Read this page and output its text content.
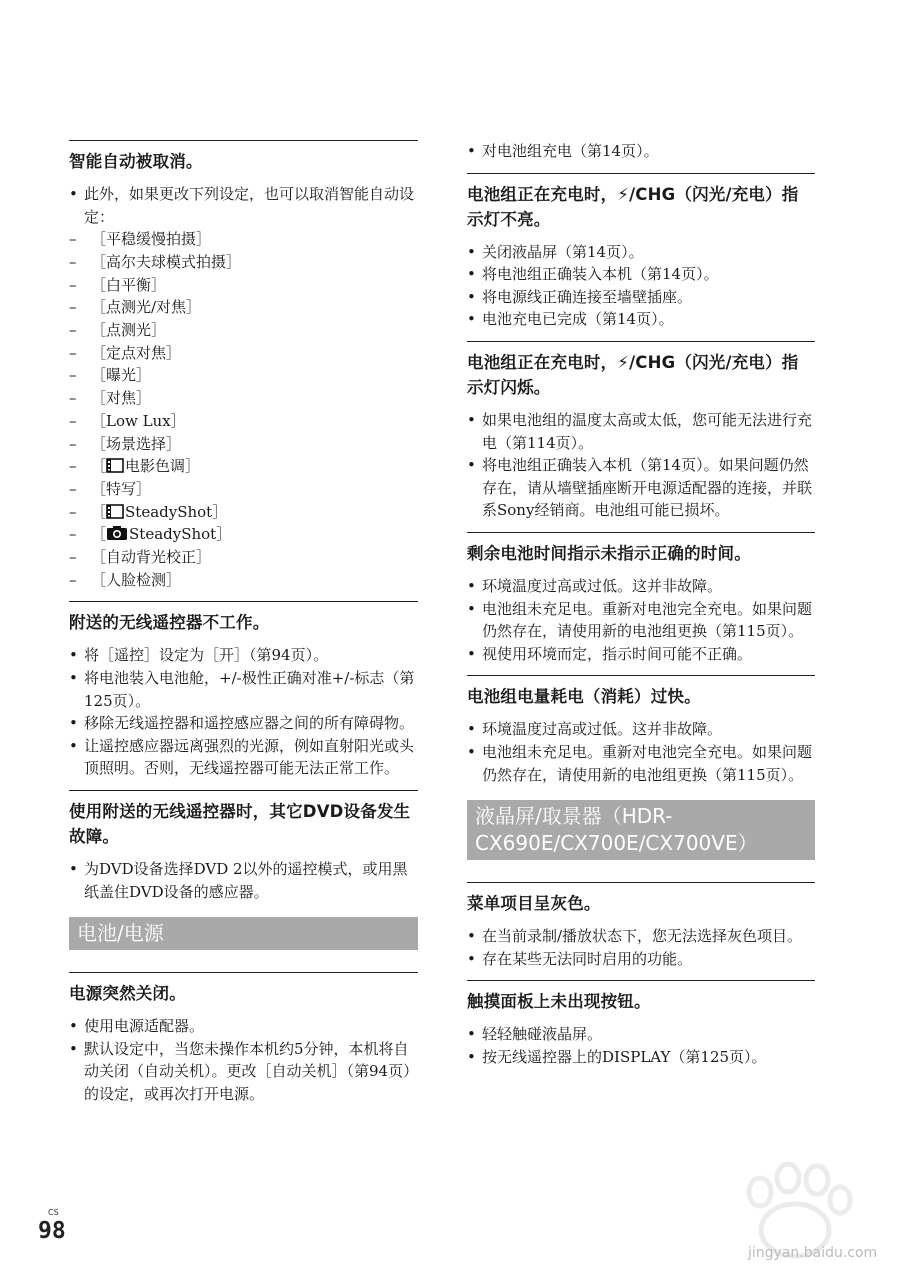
智能自动被取消。
• 此外，如果更改下列设定，也可以取消智能自动设定：
– ［平稳缓慢拍摄］
– ［高尔夫球模式拍摄］
– ［白平衡］
– ［点测光/对焦］
– ［点测光］
– ［定点对焦］
– ［曝光］
– ［对焦］
– ［Low Lux］
– ［场景选择］
– ［ 电影色调］
– ［特写］
– ［ SteadyShot］
– ［ SteadyShot］
– ［自动背光校正］
– ［人脸检测］
附送的无线遥控器不工作。
• 将［遥控］设定为［开］（第94页）。
• 将电池装入电池舱，+/-极性正确对准+/-标志（第125页）。
• 移除无线遥控器和遥控感应器之间的所有障碍物。
• 让遥控感应器远离强烈的光源，例如直射阳光或头顶照明。否则，无线遥控器可能无法正常工作。
使用附送的无线遥控器时，其它DVD设备发生故障。
• 为DVD设备选择DVD 2以外的遥控模式，或用黑纸盖住DVD设备的感应器。
电池/电源
电源突然关闭。
• 使用电源适配器。
• 默认设定中，当您未操作本机约5分钟，本机将自动关闭（自动关机）。更改［自动关机］（第94页）的设定，或再次打开电源。
• 对电池组充电（第14页）。
电池组正在充电时，⚡/CHG（闪光/充电）指示灯不亮。
• 关闭液晶屏（第14页）。
• 将电池组正确装入本机（第14页）。
• 将电源线正确连接至墙壁插座。
• 电池充电已完成（第14页）。
电池组正在充电时，⚡/CHG（闪光/充电）指示灯闪烁。
• 如果电池组的温度太高或太低，您可能无法进行充电（第114页）。
• 将电池组正确装入本机（第14页）。如果问题仍然存在，请从墙壁插座断开电源适配器的连接，并联系Sony经销商。电池组可能已损坏。
剩余电池时间指示未指示正确的时间。
• 环境温度过高或过低。这并非故障。
• 电池组未充足电。重新对电池完全充电。如果问题仍然存在，请使用新的电池组更换（第115页）。
• 视使用环境而定，指示时间可能不正确。
电池组电量耗电（消耗）过快。
• 环境温度过高或过低。这并非故障。
• 电池组未充足电。重新对电池完全充电。如果问题仍然存在，请使用新的电池组更换（第115页）。
液晶屏/取景器（HDR-CX690E/CX700E/CX700VE）
菜单项目呈灰色。
• 在当前录制/播放状态下，您无法选择灰色项目。
• 存在某些无法同时启用的功能。
触摸面板上未出现按钮。
• 轻轻触碰液晶屏。
• 按无线遥控器上的DISPLAY（第125页）。
CS
98
jingyan.baidu.com
